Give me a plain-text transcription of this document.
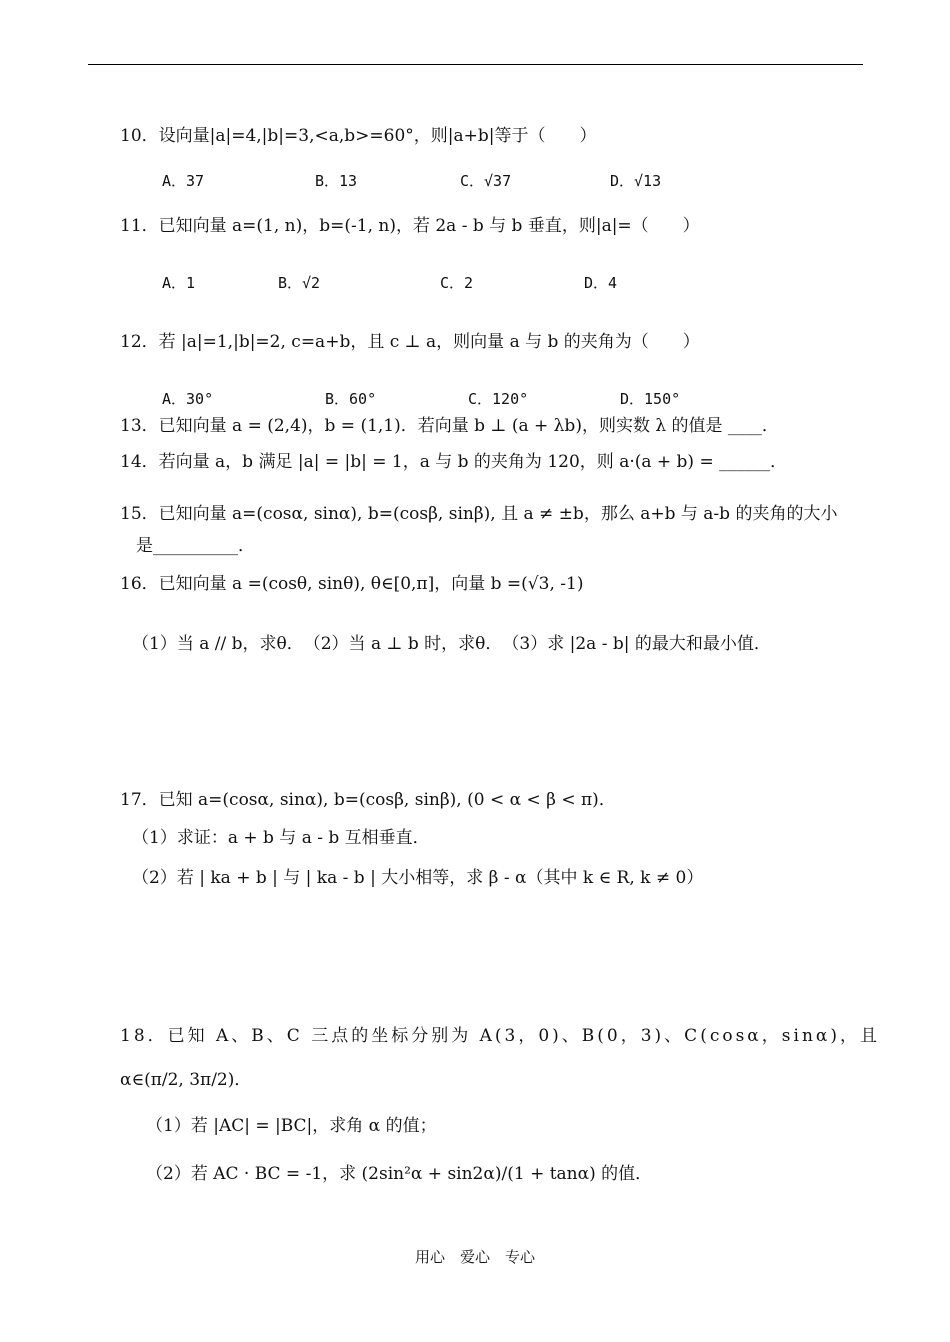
10．设向量|a|=4,|b|=3,<a,b>=60°，则|a+b|等于（　　）
A．37	B．13	C．√37	D．√13
11．已知向量 a=(1, n)，b=(-1, n)，若 2a - b 与 b 垂直，则|a|=（　　）
A．1	B．√2	C．2	D．4
12．若 |a|=1,|b|=2, c=a+b，且 c ⊥ a，则向量 a 与 b 的夹角为（　　）
A．30°	B．60°	C．120°	D．150°
13．已知向量 a = (2,4)，b = (1,1)．若向量 b ⊥ (a + λb)，则实数 λ 的值是 ____．
14．若向量 a，b 满足 |a| = |b| = 1，a 与 b 的夹角为 120，则 a·(a + b) = ______．
15．已知向量 a=(cosα, sinα), b=(cosβ, sinβ), 且 a ≠ ±b，那么 a+b 与 a-b 的夹角的大小
是__________．
16．已知向量 a =(cosθ, sinθ), θ∈[0,π]，向量 b =(√3, -1)
（1）当 a // b，求θ．　（2）当 a ⊥ b 时，求θ．　（3）求 |2a - b| 的最大和最小值．
17．已知 a=(cosα, sinα), b=(cosβ, sinβ), (0 < α < β < π)．
（1）求证：a + b 与 a - b 互相垂直．
（2）若 | ka + b | 与 | ka - b | 大小相等，求 β - α（其中 k ∈ R, k ≠ 0）
18．已知 A、B、C 三点的坐标分别为 A(3，0)、B(0，3)、C(cosα，sinα)，且
α∈(π/2, 3π/2)．
（1）若 |AC| = |BC|，求角 α 的值；
（2）若 AC · BC = -1，求 (2sin²α + sin2α)/(1 + tanα) 的值．
用心　爱心　专心
